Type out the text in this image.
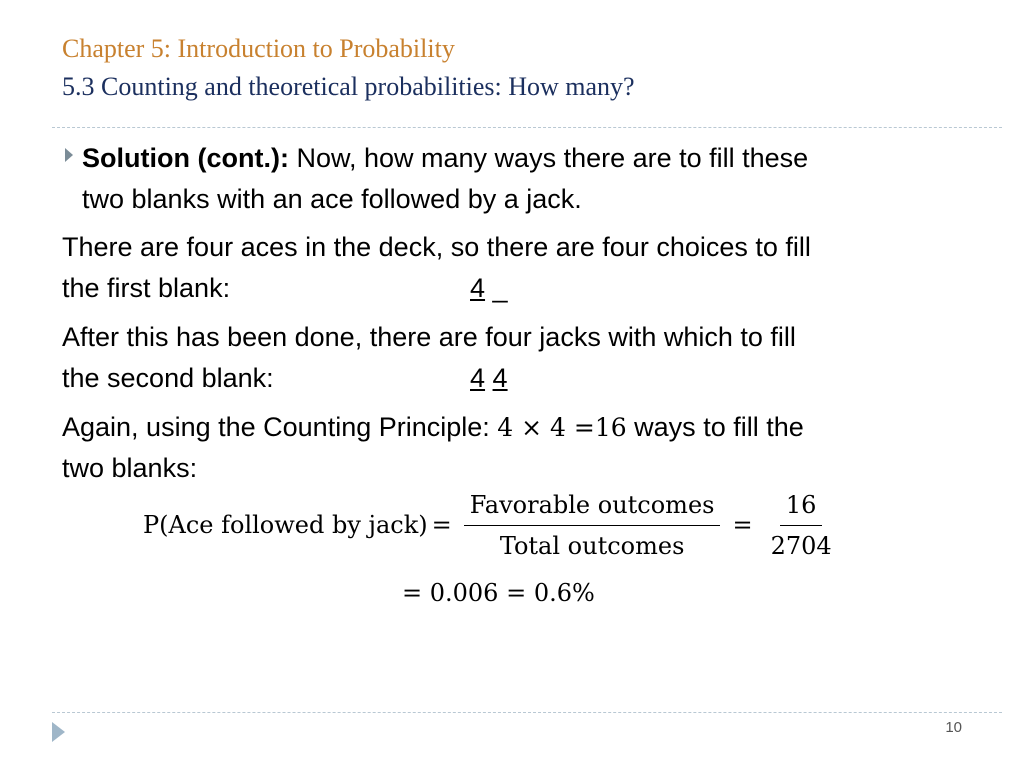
Chapter 5: Introduction to Probability
5.3 Counting and theoretical probabilities: How many?

Solution (cont.): Now, how many ways there are to fill these
two blanks with an ace followed by a jack.

There are four aces in the deck, so there are four choices to fill
the first blank:	4 _

After this has been done, there are four jacks with which to fill
the second blank:	4 4

Again, using the Counting Principle: 4 × 4 =16 ways to fill the
two blanks:

P(Ace followed by jack) = $\frac{\text{Favorable outcomes}}{\text{Total outcomes}} = \frac{16}{2704}$
= 0.006 = 0.6%
10
